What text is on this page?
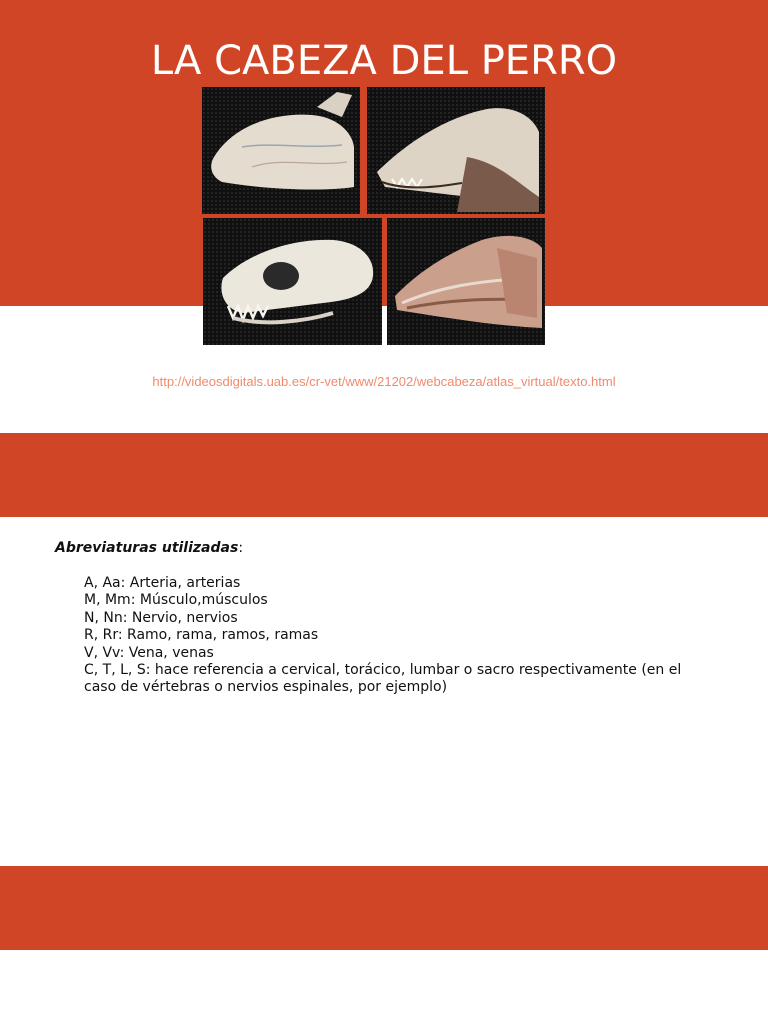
LA CABEZA DEL PERRO
http://videosdigitals.uab.es/cr-vet/www/21202/webcabeza/atlas_virtual/texto.html
Abreviaturas utilizadas:
A, Aa: Arteria, arterias
M, Mm: Músculo,músculos
N, Nn: Nervio, nervios
R, Rr: Ramo, rama, ramos, ramas
V, Vv: Vena, venas
C, T, L, S: hace referencia a cervical, torácico, lumbar o sacro respectivamente (en el caso de vértebras o nervios espinales, por ejemplo)
